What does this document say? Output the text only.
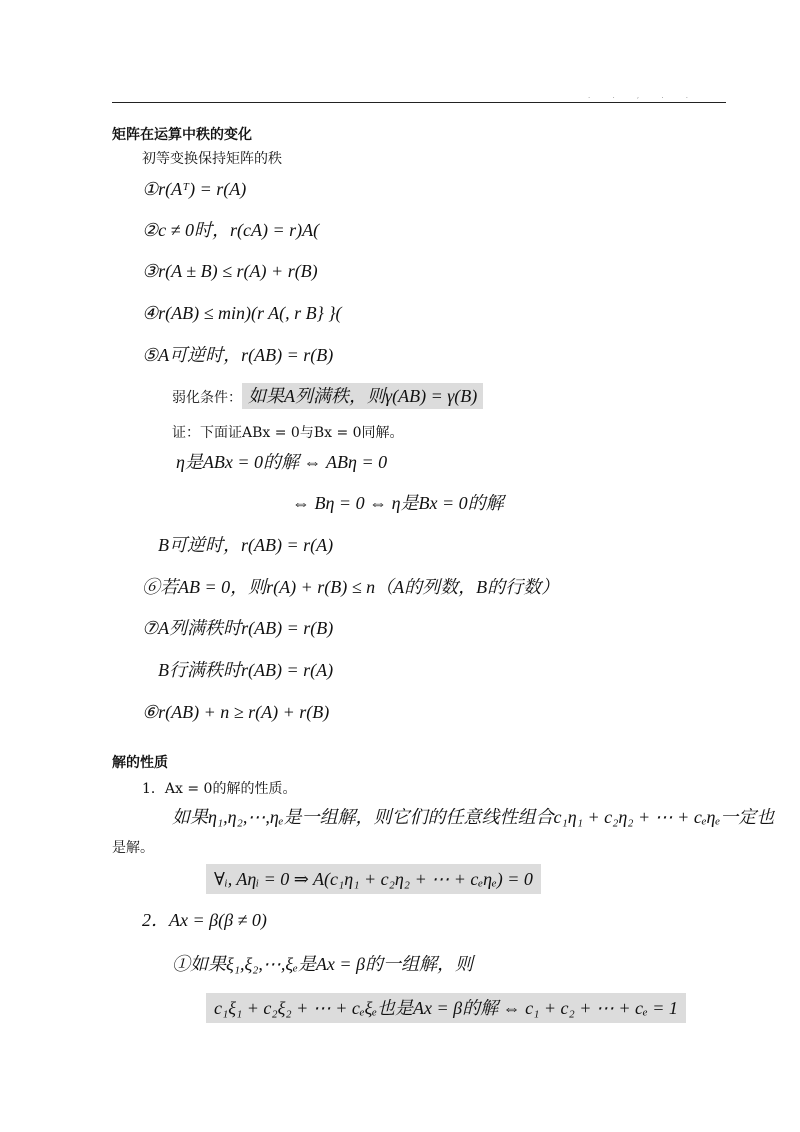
. . , . .
矩阵在运算中秩的变化
初等变换保持矩阵的秩
①r(Aᵀ) = r(A)
②c ≠ 0时，r(cA) = r)A(
③r(A ± B) ≤ r(A) + r(B)
④r(AB) ≤ min)(r A(, r B} }(
⑤A可逆时，r(AB) = r(B)
弱化条件： 如果A列满秩，则γ(AB) = γ(B)
证：下面证ABx = 0与Bx = 0同解。
η是ABx = 0的解 ⇔ ABη = 0
⇔ Bη = 0 ⇔ η是Bx = 0的解
B可逆时，r(AB) = r(A)
⑥若AB = 0，则r(A) + r(B) ≤ n（A的列数，B的行数）
⑦A列满秩时r(AB) = r(B)
B行满秩时r(AB) = r(A)
⑥r(AB) + n ≥ r(A) + r(B)
解的性质
1．Ax = 0的解的性质。
如果η₁,η₂,⋯,ηₑ是一组解，则它们的任意线性组合c₁η₁ + c₂η₂ + ⋯ + cₑηₑ一定也
是解。
∀ᵢ, Aηᵢ = 0 ⇒ A(c₁η₁ + c₂η₂ + ⋯ + cₑηₑ) = 0
2．Ax = β(β ≠ 0)
①如果ξ₁,ξ₂,⋯,ξₑ是Ax = β的一组解，则
c₁ξ₁ + c₂ξ₂ + ⋯ + cₑξₑ也是Ax = β的解 ⇔ c₁ + c₂ + ⋯ + cₑ = 1
